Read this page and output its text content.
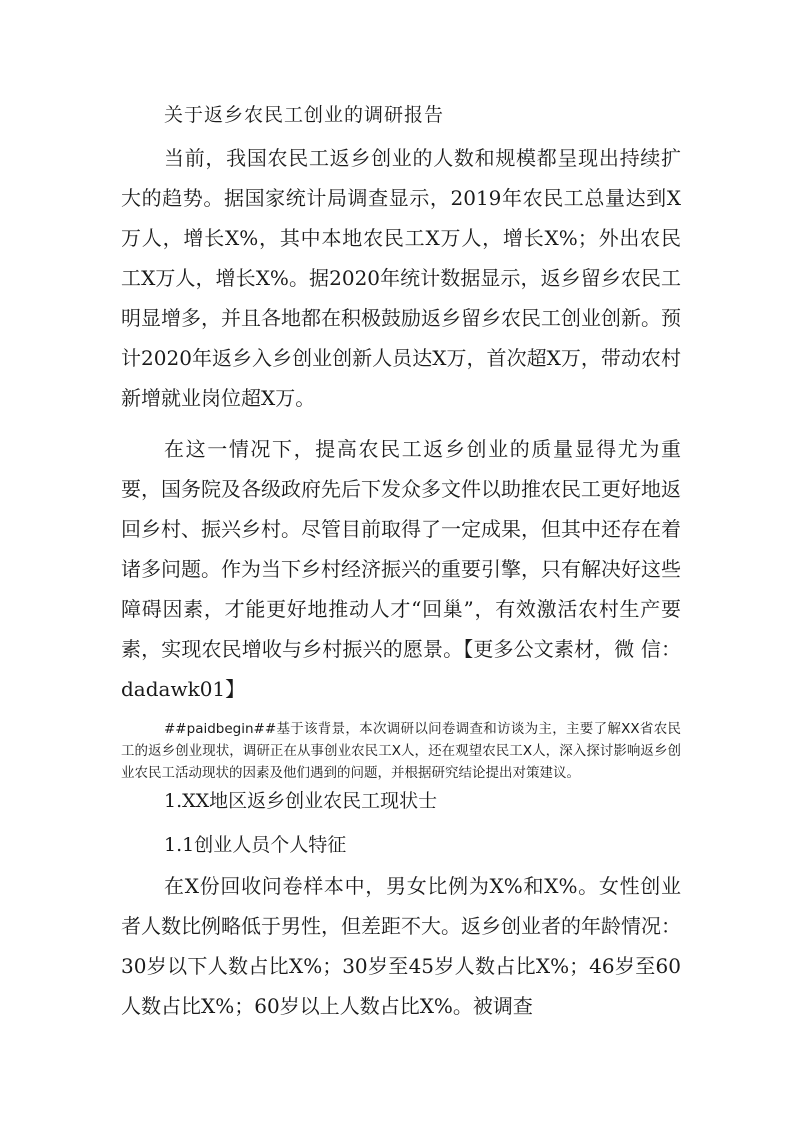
关于返乡农民工创业的调研报告

当前，我国农民工返乡创业的人数和规模都呈现出持续扩大的趋势。据国家统计局调查显示，2019年农民工总量达到X万人，增长X%，其中本地农民工X万人，增长X%；外出农民工X万人，增长X%。据2020年统计数据显示，返乡留乡农民工明显增多，并且各地都在积极鼓励返乡留乡农民工创业创新。预计2020年返乡入乡创业创新人员达X万，首次超X万，带动农村新增就业岗位超X万。

在这一情况下，提高农民工返乡创业的质量显得尤为重要，国务院及各级政府先后下发众多文件以助推农民工更好地返回乡村、振兴乡村。尽管目前取得了一定成果，但其中还存在着诸多问题。作为当下乡村经济振兴的重要引擎，只有解决好这些障碍因素，才能更好地推动人才“回巢”，有效激活农村生产要素，实现农民增收与乡村振兴的愿景。【更多公文素材，微 信：dadawk01】

##paidbegin##基于该背景，本次调研以问卷调查和访谈为主，主要了解XX省农民工的返乡创业现状，调研正在从事创业农民工X人，还在观望农民工X人，深入探讨影响返乡创业农民工活动现状的因素及他们遇到的问题，并根据研究结论提出对策建议。

1.XX地区返乡创业农民工现状士

1.1创业人员个人特征

在X份回收问卷样本中，男女比例为X%和X%。女性创业者人数比例略低于男性，但差距不大。返乡创业者的年龄情况：30岁以下人数占比X%；30岁至45岁人数占比X%；46岁至60人数占比X%；60岁以上人数占比X%。被调查
